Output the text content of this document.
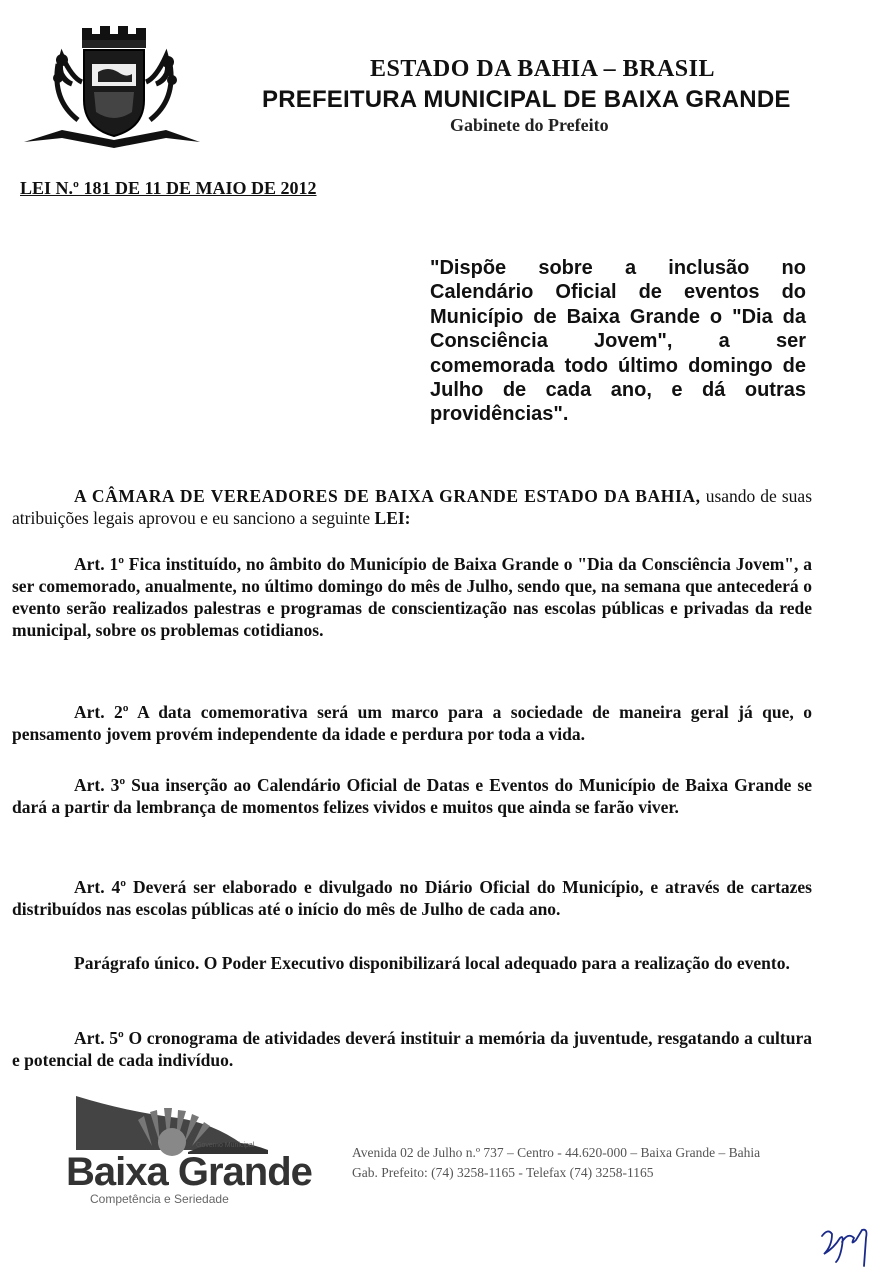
ESTADO DA BAHIA – BRASIL
PREFEITURA MUNICIPAL DE BAIXA GRANDE
Gabinete do Prefeito
LEI N.º 181 DE 11 DE MAIO DE 2012
"Dispõe sobre a inclusão no Calendário Oficial de eventos do Município de Baixa Grande o "Dia da Consciência Jovem", a ser comemorada todo último domingo de Julho de cada ano, e dá outras providências".
A CÂMARA DE VEREADORES DE BAIXA GRANDE ESTADO DA BAHIA, usando de suas atribuições legais aprovou e eu sanciono a seguinte LEI:
Art. 1º Fica instituído, no âmbito do Município de Baixa Grande o "Dia da Consciência Jovem", a ser comemorado, anualmente, no último domingo do mês de Julho, sendo que, na semana que antecederá o evento serão realizados palestras e programas de conscientização nas escolas públicas e privadas da rede municipal, sobre os problemas cotidianos.
Art. 2º A data comemorativa será um marco para a sociedade de maneira geral já que, o pensamento jovem provém independente da idade e perdura por toda a vida.
Art. 3º Sua inserção ao Calendário Oficial de Datas e Eventos do Município de Baixa Grande se dará a partir da lembrança de momentos felizes vividos e muitos que ainda se farão viver.
Art. 4º Deverá ser elaborado e divulgado no Diário Oficial do Município, e através de cartazes distribuídos nas escolas públicas até o início do mês de Julho de cada ano.
Parágrafo único. O Poder Executivo disponibilizará local adequado para a realização do evento.
Art. 5º O cronograma de atividades deverá instituir a memória da juventude, resgatando a cultura e potencial de cada indivíduo.
Governo Municipal
Baixa Grande
Competência e Seriedade
Avenida 02 de Julho n.º 737 – Centro - 44.620-000 – Baixa Grande – Bahia
Gab. Prefeito: (74) 3258-1165 - Telefax (74) 3258-1165
